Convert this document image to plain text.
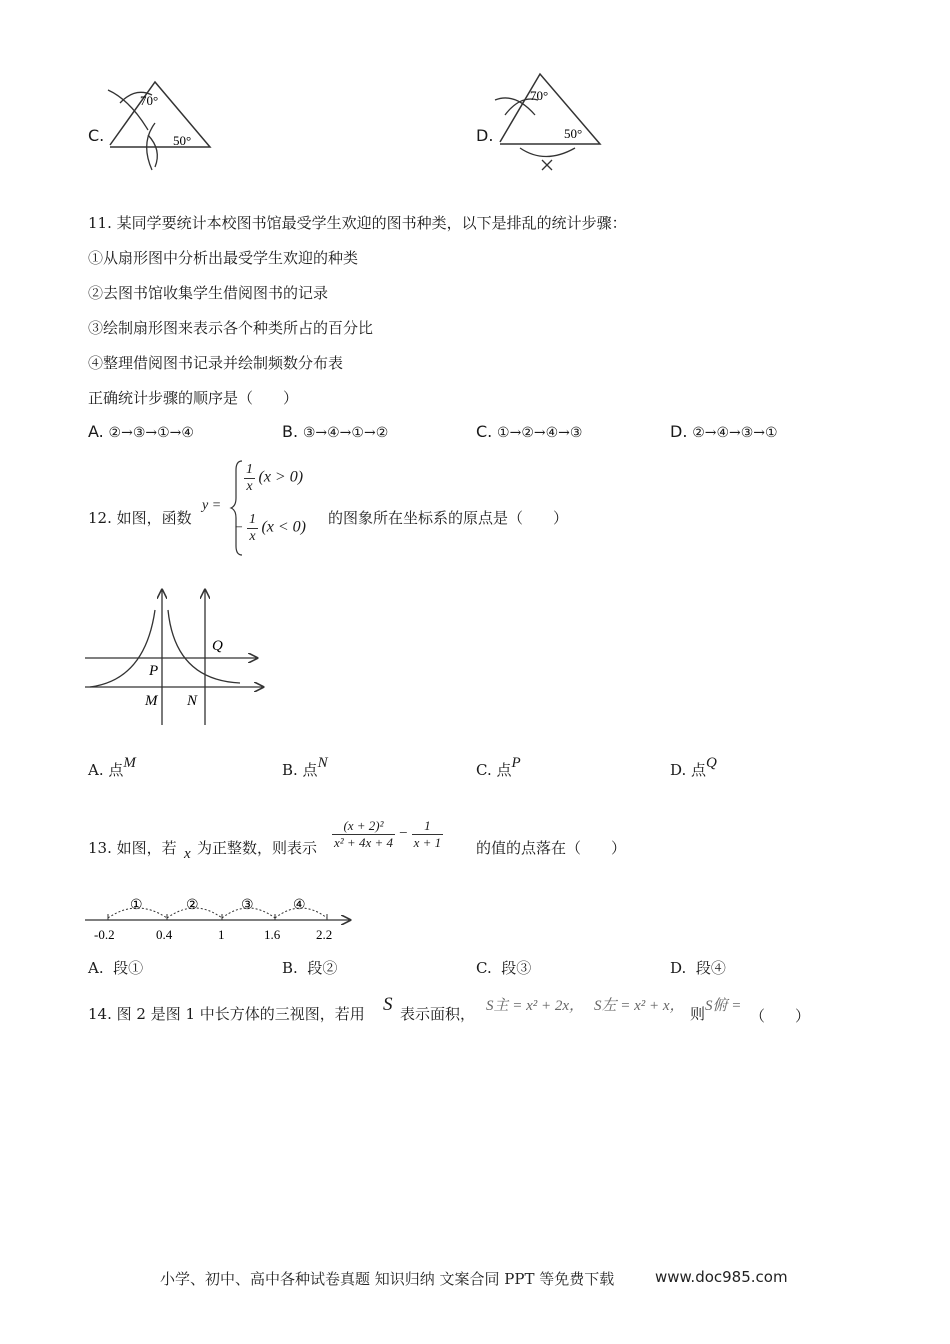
C.
70°
50°	D.
70°
50°
11. 某同学要统计本校图书馆最受学生欢迎的图书种类，以下是排乱的统计步骤：
①从扇形图中分析出最受学生欢迎的种类
②去图书馆收集学生借阅图书的记录
③绘制扇形图来表示各个种类所占的百分比
④整理借阅图书记录并绘制频数分布表
正确统计步骤的顺序是（　　）
A. ②→③→①→④	B. ③→④→①→②	C. ①→②→④→③	D. ②→④→③→①
12. 如图，函数
y =
$\frac{1}{x} (x > 0)$
− $\frac{1}{x} (x < 0)$
的图象所在坐标系的原点是（　　）
Q
P
M N
A. 点M	B. 点N	C. 点P	D. 点Q
13. 如图，若 x 为正整数，则表示 $\frac{\text{(x + 2)²}}{\text{x² + 4x + 4}} - \frac{1}{x + 1}$ 的值的点落在（　　）
①	②	③	④
-0.2	0.4	1	1.6	2.2
A. 段①	B. 段②	C. 段③	D. 段④
14. 图 2 是图 1 中长方体的三视图，若用 S 表示面积， S主 = x² + 2x， S左 = x² + x， 则 S俯 =
（　　）
小学、初中、高中各种试卷真题 知识归纳 文案合同 PPT 等免费下载	www.doc985.com
